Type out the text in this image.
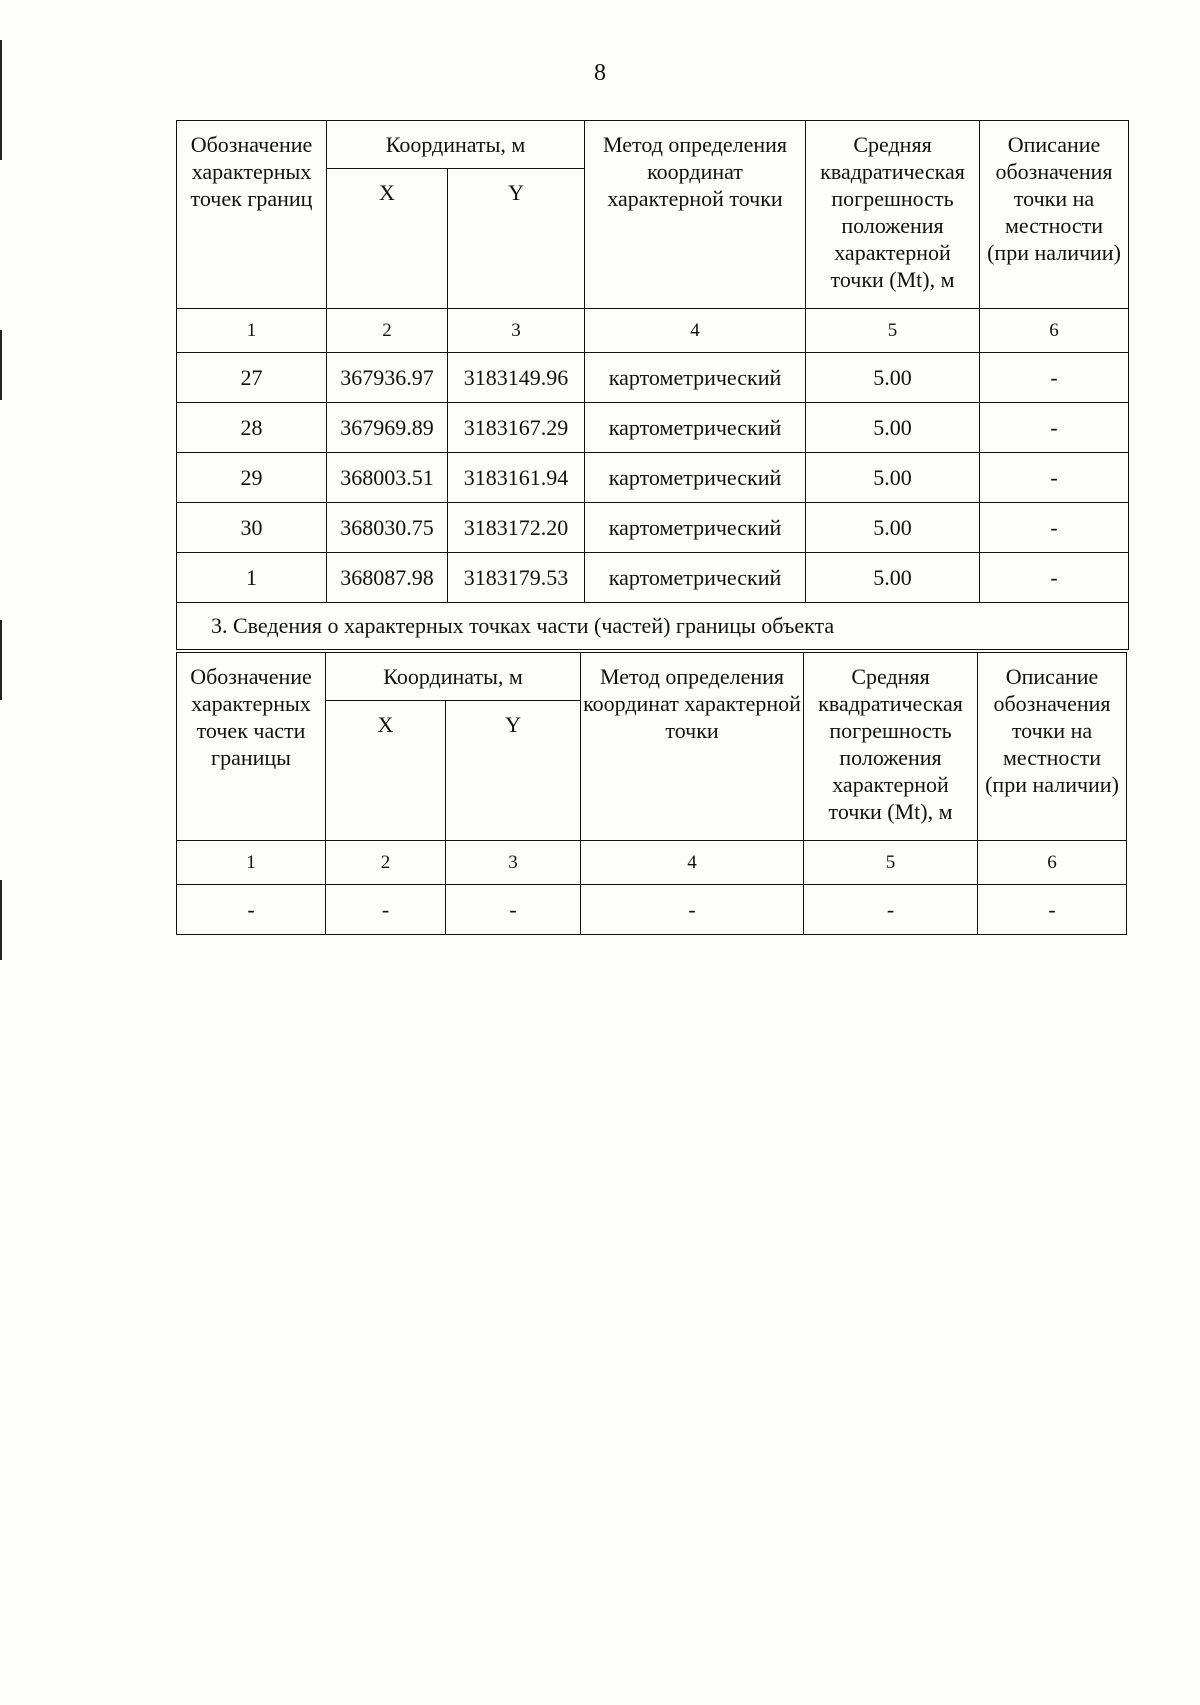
8
Обозначение характерных точек границ	Координаты, м		Метод определения координат характерной точки	Средняя квадратическая погрешность положения характерной точки (Mt), м	Описание обозначения точки на местности (при наличии)
	X	Y			
1	2	3	4	5	6
27	367936.97	3183149.96	картометрический	5.00	-
28	367969.89	3183167.29	картометрический	5.00	-
29	368003.51	3183161.94	картометрический	5.00	-
30	368030.75	3183172.20	картометрический	5.00	-
1	368087.98	3183179.53	картометрический	5.00	-
3. Сведения о характерных точках части (частей) границы объекта					
Обозначение характерных точек части границы	Координаты, м		Метод определения координат характерной точки	Средняя квадратическая погрешность положения характерной точки (Mt), м	Описание обозначения точки на местности (при наличии)
	X	Y			
1	2	3	4	5	6
-	-	-	-	-	-
